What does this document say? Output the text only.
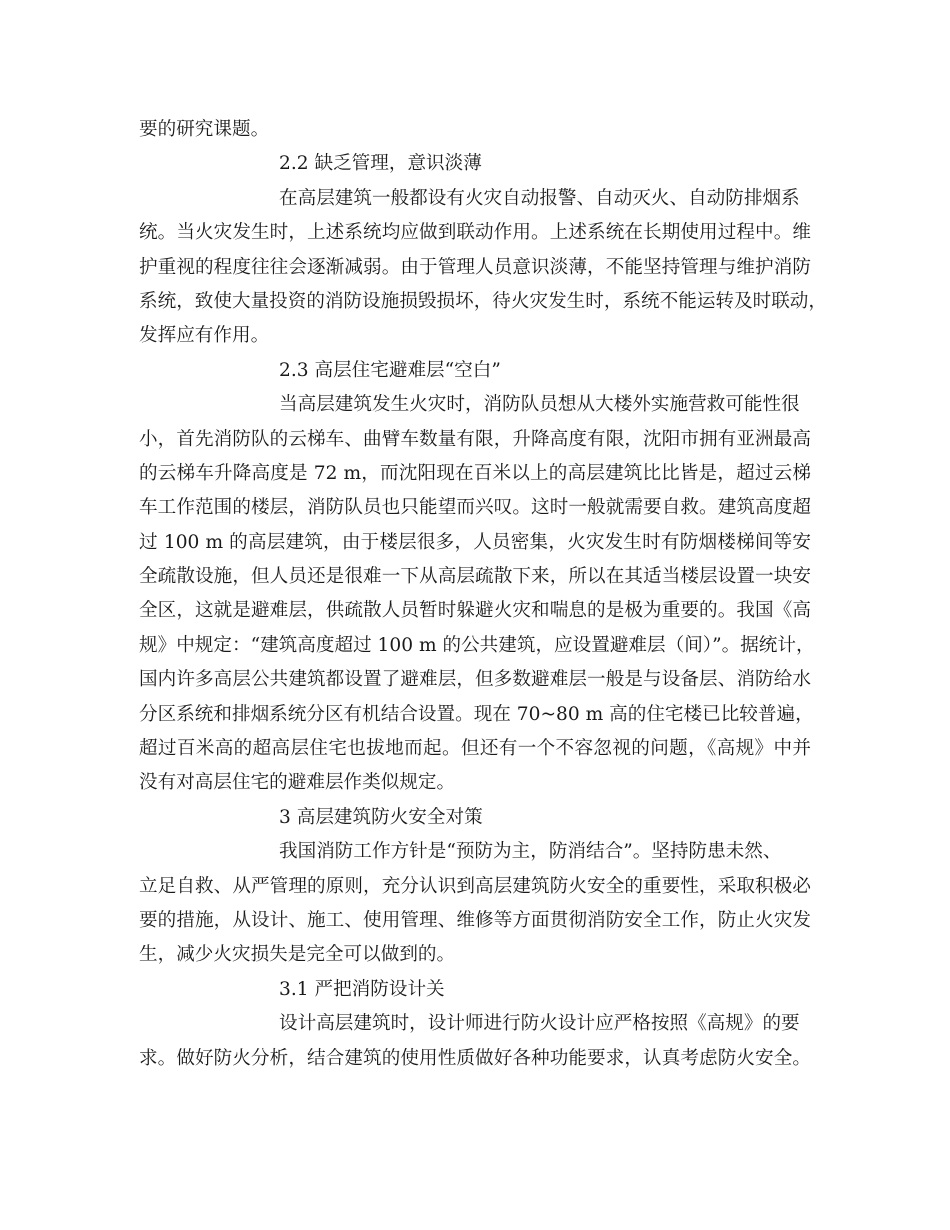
要的研究课题。
2.2 缺乏管理，意识淡薄
在高层建筑一般都设有火灾自动报警、自动灭火、自动防排烟系
统。当火灾发生时，上述系统均应做到联动作用。上述系统在长期使用过程中。维
护重视的程度往往会逐渐减弱。由于管理人员意识淡薄，不能坚持管理与维护消防
系统，致使大量投资的消防设施损毁损坏，待火灾发生时，系统不能运转及时联动，
发挥应有作用。
2.3 高层住宅避难层“空白”
当高层建筑发生火灾时，消防队员想从大楼外实施营救可能性很
小，首先消防队的云梯车、曲臂车数量有限，升降高度有限，沈阳市拥有亚洲最高
的云梯车升降高度是 72 m，而沈阳现在百米以上的高层建筑比比皆是，超过云梯
车工作范围的楼层，消防队员也只能望而兴叹。这时一般就需要自救。建筑高度超
过 100 m 的高层建筑，由于楼层很多，人员密集，火灾发生时有防烟楼梯间等安
全疏散设施，但人员还是很难一下从高层疏散下来，所以在其适当楼层设置一块安
全区，这就是避难层，供疏散人员暂时躲避火灾和喘息的是极为重要的。我国《高
规》中规定：“建筑高度超过 100 m 的公共建筑，应设置避难层（间）”。据统计，
国内许多高层公共建筑都设置了避难层，但多数避难层一般是与设备层、消防给水
分区系统和排烟系统分区有机结合设置。现在 70~80 m 高的住宅楼已比较普遍，
超过百米高的超高层住宅也拔地而起。但还有一个不容忽视的问题，《高规》中并
没有对高层住宅的避难层作类似规定。
3 高层建筑防火安全对策
我国消防工作方针是“预防为主，防消结合”。坚持防患未然、
立足自救、从严管理的原则，充分认识到高层建筑防火安全的重要性，采取积极必
要的措施，从设计、施工、使用管理、维修等方面贯彻消防安全工作，防止火灾发
生，减少火灾损失是完全可以做到的。
3.1 严把消防设计关
设计高层建筑时，设计师进行防火设计应严格按照《高规》的要
求。做好防火分析，结合建筑的使用性质做好各种功能要求，认真考虑防火安全。
